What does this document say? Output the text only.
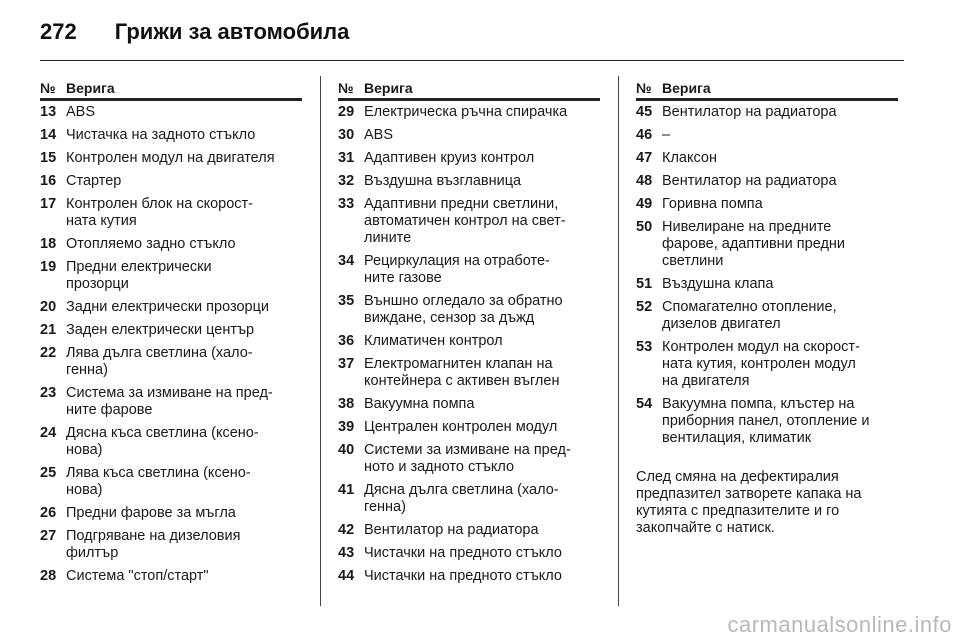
272 Грижи за автомобила
№ Верига
13 ABS
14 Чистачка на задното стъкло
15 Контролен модул на двигателя
16 Стартер
17 Контролен блок на скорост-
ната кутия
18 Отопляемо задно стъкло
19 Предни електрически
прозорци
20 Задни електрически прозорци
21 Заден електрически център
22 Лява дълга светлина (хало-
генна)
23 Система за измиване на пред-
ните фарове
24 Дясна къса светлина (ксено-
нова)
25 Лява къса светлина (ксено-
нова)
26 Предни фарове за мъгла
27 Подгряване на дизеловия
филтър
28 Система "стоп/старт"
№ Верига
29 Електрическа ръчна спирачка
30 ABS
31 Адаптивен круиз контрол
32 Въздушна възглавница
33 Адаптивни предни светлини,
автоматичен контрол на свет-
лините
34 Рециркулация на отработе-
ните газове
35 Външно огледало за обратно
виждане, сензор за дъжд
36 Климатичен контрол
37 Електромагнитен клапан на
контейнера с активен въглен
38 Вакуумна помпа
39 Централен контролен модул
40 Системи за измиване на пред-
ното и задното стъкло
41 Дясна дълга светлина (хало-
генна)
42 Вентилатор на радиатора
43 Чистачки на предното стъкло
44 Чистачки на предното стъкло
№ Верига
45 Вентилатор на радиатора
46 –
47 Клаксон
48 Вентилатор на радиатора
49 Горивна помпа
50 Нивелиране на предните
фарове, адаптивни предни
светлини
51 Въздушна клапа
52 Спомагателно отопление,
дизелов двигател
53 Контролен модул на скорост-
ната кутия, контролен модул
на двигателя
54 Вакуумна помпа, клъстер на
приборния панел, отопление и
вентилация, климатик
След смяна на дефектиралия
предпазител затворете капака на
кутията с предпазителите и го
закопчайте с натиск.
carmanualsonline.info
